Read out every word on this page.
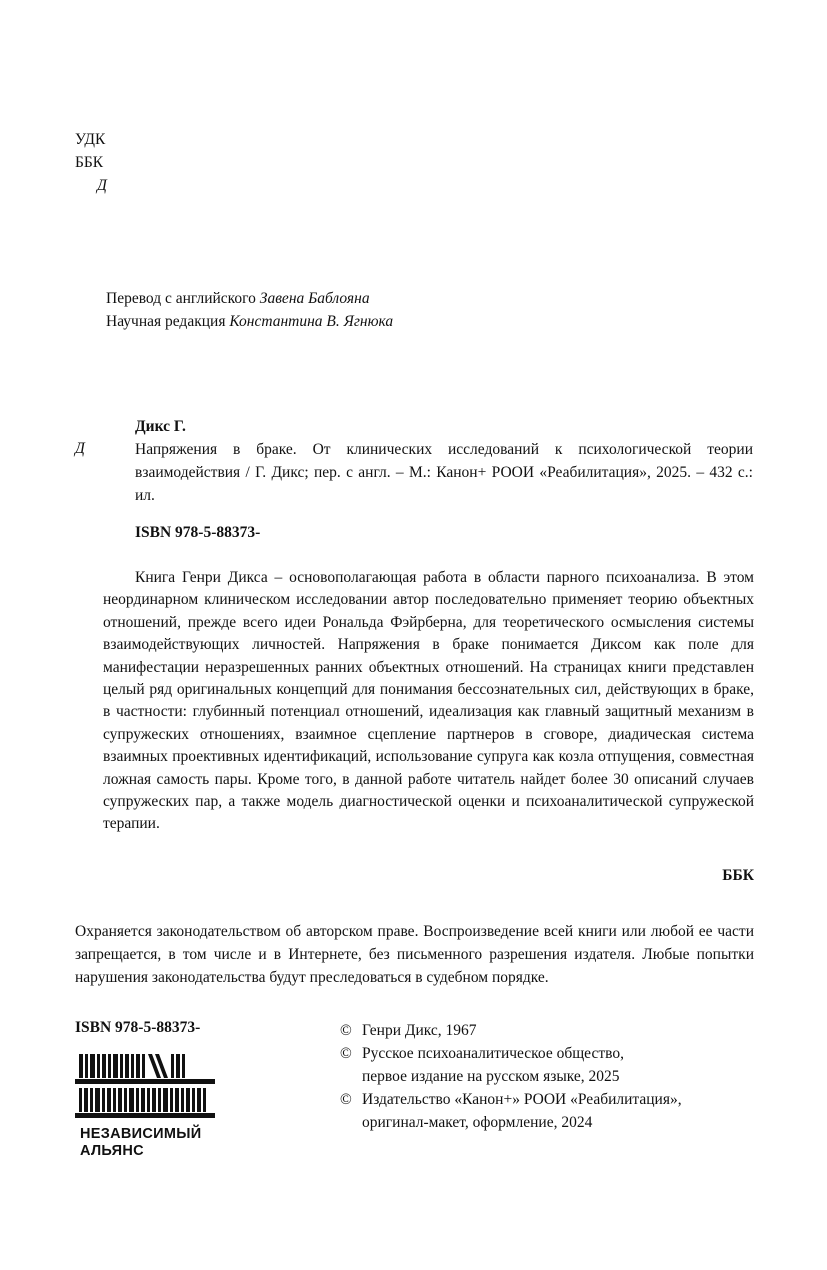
УДК
ББК
Д
Перевод с английского Завена Баблояна
Научная редакция Константина В. Ягнюка
Д
Дикс Г.
Напряжения в браке. От клинических исследований к психологической теории взаимодействия / Г. Дикс; пер. с англ. – М.: Канон+ РООИ «Реабилитация», 2025. – 432 с.: ил.
ISBN 978-5-88373-
Книга Генри Дикса – основополагающая работа в области парного психоанализа. В этом неординарном клиническом исследовании автор последовательно применяет теорию объектных отношений, прежде всего идеи Рональда Фэйрберна, для теоретического осмысления системы взаимодействующих личностей. Напряжения в браке понимается Диксом как поле для манифестации неразрешенных ранних объектных отношений. На страницах книги представлен целый ряд оригинальных концепций для понимания бессознательных сил, действующих в браке, в частности: глубинный потенциал отношений, идеализация как главный защитный механизм в супружеских отношениях, взаимное сцепление партнеров в сговоре, диадическая система взаимных проективных идентификаций, использование супруга как козла отпущения, совместная ложная самость пары. Кроме того, в данной работе читатель найдет более 30 описаний случаев супружеских пар, а также модель диагностической оценки и психоаналитической супружеской терапии.
ББК
Охраняется законодательством об авторском праве. Воспроизведение всей книги или любой ее части запрещается, в том числе и в Интернете, без письменного разрешения издателя. Любые попытки нарушения законодательства будут преследоваться в судебном порядке.
ISBN 978-5-88373-	© Генри Дикс, 1967
© Русское психоаналитическое общество,
первое издание на русском языке, 2025
© Издательство «Канон+» РООИ «Реабилитация»,
оригинал-макет, оформление, 2024
НЕЗАВИСИМЫЙ
АЛЬЯНС
